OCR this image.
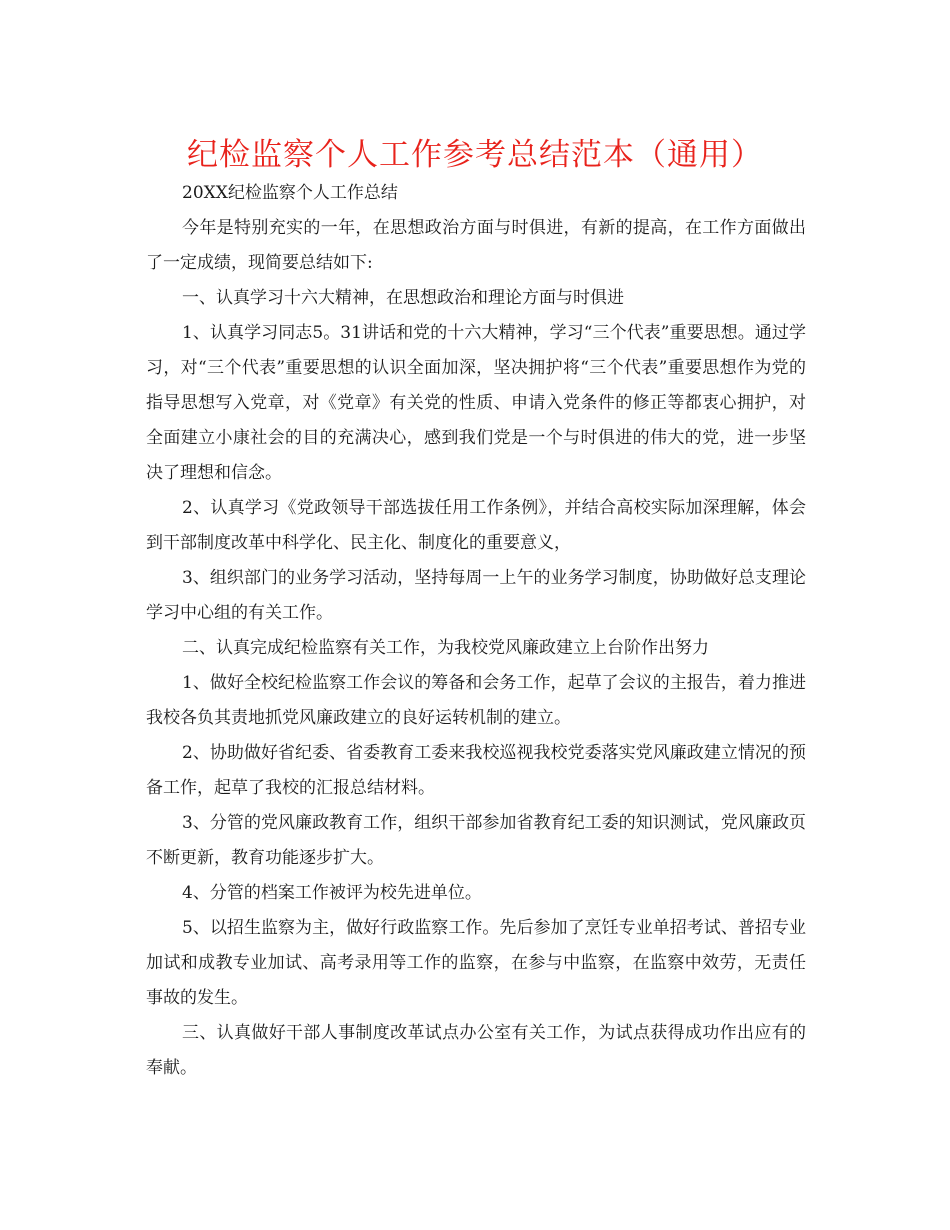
纪检监察个人工作参考总结范本（通用）

20XX纪检监察个人工作总结

今年是特别充实的一年，在思想政治方面与时俱进，有新的提高，在工作方面做出了一定成绩，现简要总结如下:

一、认真学习十六大精神，在思想政治和理论方面与时俱进

1、认真学习同志5。31讲话和党的十六大精神，学习“三个代表”重要思想。通过学习，对“三个代表”重要思想的认识全面加深，坚决拥护将“三个代表”重要思想作为党的指导思想写入党章，对《党章》有关党的性质、申请入党条件的修正等都衷心拥护，对全面建立小康社会的目的充满决心，感到我们党是一个与时俱进的伟大的党，进一步坚决了理想和信念。

2、认真学习《党政领导干部选拔任用工作条例》，并结合高校实际加深理解，体会到干部制度改革中科学化、民主化、制度化的重要意义，

3、组织部门的业务学习活动，坚持每周一上午的业务学习制度，协助做好总支理论学习中心组的有关工作。

二、认真完成纪检监察有关工作，为我校党风廉政建立上台阶作出努力

1、做好全校纪检监察工作会议的筹备和会务工作，起草了会议的主报告，着力推进我校各负其责地抓党风廉政建立的良好运转机制的建立。

2、协助做好省纪委、省委教育工委来我校巡视我校党委落实党风廉政建立情况的预备工作，起草了我校的汇报总结材料。

3、分管的党风廉政教育工作，组织干部参加省教育纪工委的知识测试，党风廉政页不断更新，教育功能逐步扩大。

4、分管的档案工作被评为校先进单位。

5、以招生监察为主，做好行政监察工作。先后参加了烹饪专业单招考试、普招专业加试和成教专业加试、高考录用等工作的监察，在参与中监察，在监察中效劳，无责任事故的发生。

三、认真做好干部人事制度改革试点办公室有关工作，为试点获得成功作出应有的奉献。
